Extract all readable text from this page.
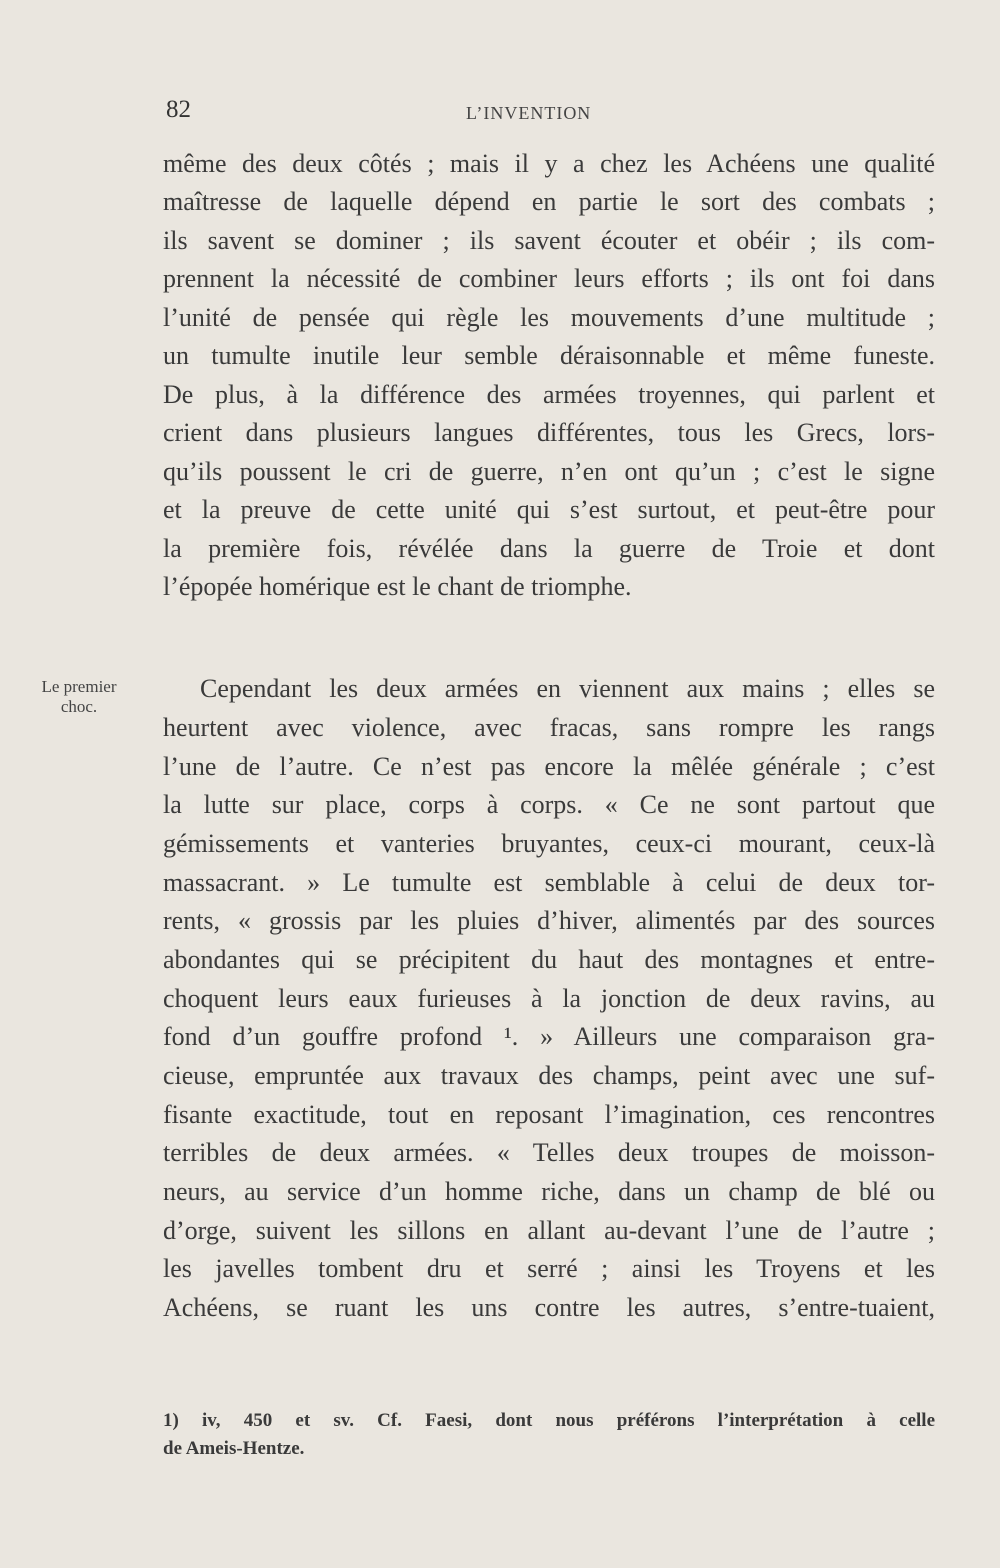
82	L’INVENTION
même des deux côtés ; mais il y a chez les Achéens une qualité
maîtresse de laquelle dépend en partie le sort des combats ;
ils savent se dominer ; ils savent écouter et obéir ; ils com-
prennent la nécessité de combiner leurs efforts ; ils ont foi dans
l’unité de pensée qui règle les mouvements d’une multitude ;
un tumulte inutile leur semble déraisonnable et même funeste.
De plus, à la différence des armées troyennes, qui parlent et
crient dans plusieurs langues différentes, tous les Grecs, lors-
qu’ils poussent le cri de guerre, n’en ont qu’un ; c’est le signe
et la preuve de cette unité qui s’est surtout, et peut-être pour
la première fois, révélée dans la guerre de Troie et dont
l’épopée homérique est le chant de triomphe.
Le premier
choc.
Cependant les deux armées en viennent aux mains ; elles se
heurtent avec violence, avec fracas, sans rompre les rangs
l’une de l’autre. Ce n’est pas encore la mêlée générale ; c’est
la lutte sur place, corps à corps. « Ce ne sont partout que
gémissements et vanteries bruyantes, ceux-ci mourant, ceux-là
massacrant. » Le tumulte est semblable à celui de deux tor-
rents, « grossis par les pluies d’hiver, alimentés par des sources
abondantes qui se précipitent du haut des montagnes et entre-
choquent leurs eaux furieuses à la jonction de deux ravins, au
fond d’un gouffre profond ¹. » Ailleurs une comparaison gra-
cieuse, empruntée aux travaux des champs, peint avec une suf-
fisante exactitude, tout en reposant l’imagination, ces rencontres
terribles de deux armées. « Telles deux troupes de moisson-
neurs, au service d’un homme riche, dans un champ de blé ou
d’orge, suivent les sillons en allant au-devant l’une de l’autre ;
les javelles tombent dru et serré ; ainsi les Troyens et les
Achéens, se ruant les uns contre les autres, s’entre-tuaient,
1) iv, 450 et sv. Cf. Faesi, dont nous préférons l’interprétation à celle
de Ameis-Hentze.
